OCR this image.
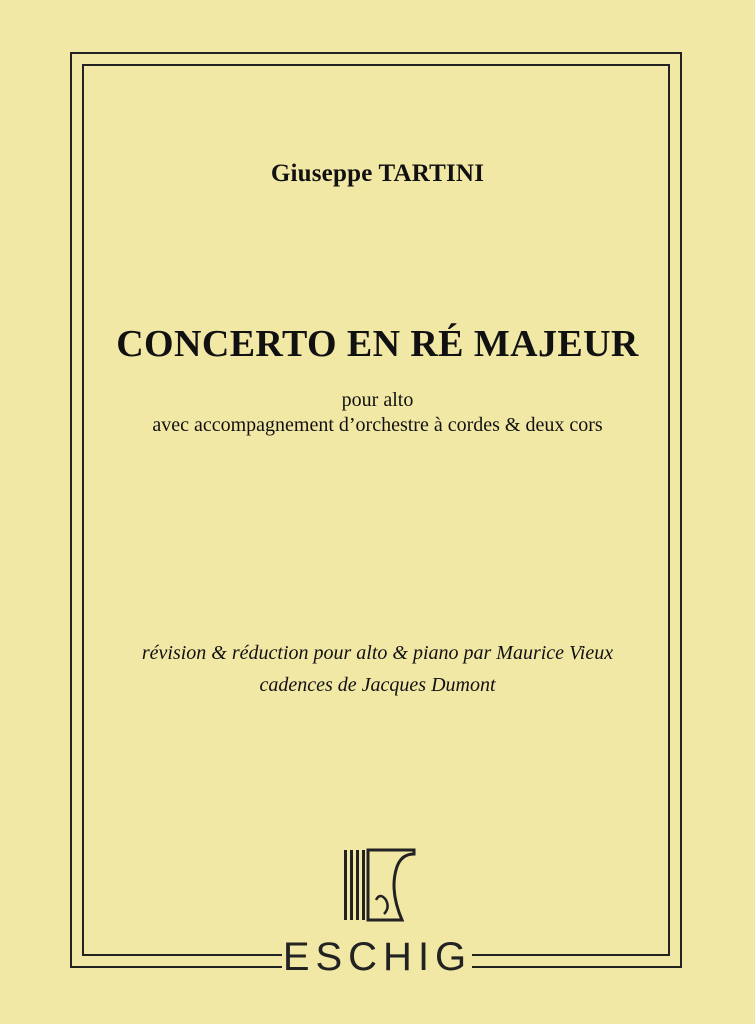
Giuseppe TARTINI
CONCERTO EN RÉ MAJEUR
pour alto
avec accompagnement d’orchestre à cordes & deux cors
révision & réduction pour alto & piano par Maurice Vieux
cadences de Jacques Dumont
ESCHIG
